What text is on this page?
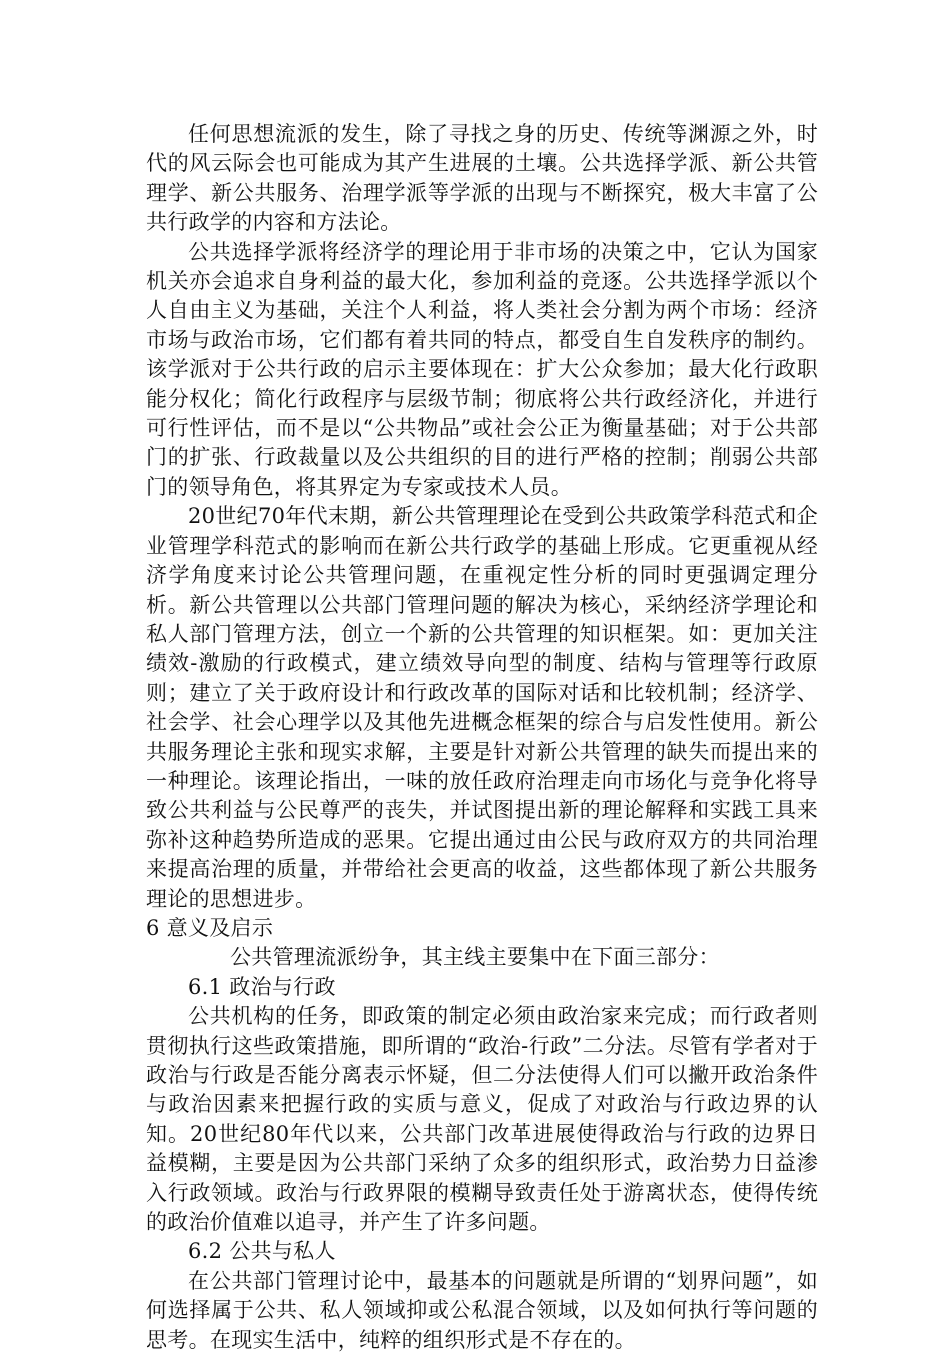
任何思想流派的发生，除了寻找之身的历史、传统等渊源之外，时代的风云际会也可能成为其产生进展的土壤。公共选择学派、新公共管理学、新公共服务、治理学派等学派的出现与不断探究，极大丰富了公共行政学的内容和方法论。

公共选择学派将经济学的理论用于非市场的决策之中，它认为国家机关亦会追求自身利益的最大化，参加利益的竞逐。公共选择学派以个人自由主义为基础，关注个人利益，将人类社会分割为两个市场：经济市场与政治市场，它们都有着共同的特点，都受自生自发秩序的制约。该学派对于公共行政的启示主要体现在：扩大公众参加；最大化行政职能分权化；简化行政程序与层级节制；彻底将公共行政经济化，并进行可行性评估，而不是以“公共物品”或社会公正为衡量基础；对于公共部门的扩张、行政裁量以及公共组织的目的进行严格的控制；削弱公共部门的领导角色，将其界定为专家或技术人员。

20世纪70年代末期，新公共管理理论在受到公共政策学科范式和企业管理学科范式的影响而在新公共行政学的基础上形成。它更重视从经济学角度来讨论公共管理问题，在重视定性分析的同时更强调定理分析。新公共管理以公共部门管理问题的解决为核心，采纳经济学理论和私人部门管理方法，创立一个新的公共管理的知识框架。如：更加关注绩效-激励的行政模式，建立绩效导向型的制度、结构与管理等行政原则；建立了关于政府设计和行政改革的国际对话和比较机制；经济学、社会学、社会心理学以及其他先进概念框架的综合与启发性使用。新公共服务理论主张和现实求解，主要是针对新公共管理的缺失而提出来的一种理论。该理论指出，一味的放任政府治理走向市场化与竞争化将导致公共利益与公民尊严的丧失，并试图提出新的理论解释和实践工具来弥补这种趋势所造成的恶果。它提出通过由公民与政府双方的共同治理来提高治理的质量，并带给社会更高的收益，这些都体现了新公共服务理论的思想进步。

6 意义及启示

公共管理流派纷争，其主线主要集中在下面三部分：

6.1 政治与行政

公共机构的任务，即政策的制定必须由政治家来完成；而行政者则贯彻执行这些政策措施，即所谓的“政治-行政”二分法。尽管有学者对于政治与行政是否能分离表示怀疑，但二分法使得人们可以撇开政治条件与政治因素来把握行政的实质与意义，促成了对政治与行政边界的认知。20世纪80年代以来，公共部门改革进展使得政治与行政的边界日益模糊，主要是因为公共部门采纳了众多的组织形式，政治势力日益渗入行政领域。政治与行政界限的模糊导致责任处于游离状态，使得传统的政治价值难以追寻，并产生了许多问题。

6.2 公共与私人

在公共部门管理讨论中，最基本的问题就是所谓的“划界问题”，如何选择属于公共、私人领域抑或公私混合领域，以及如何执行等问题的思考。在现实生活中，纯粹的组织形式是不存在的。
